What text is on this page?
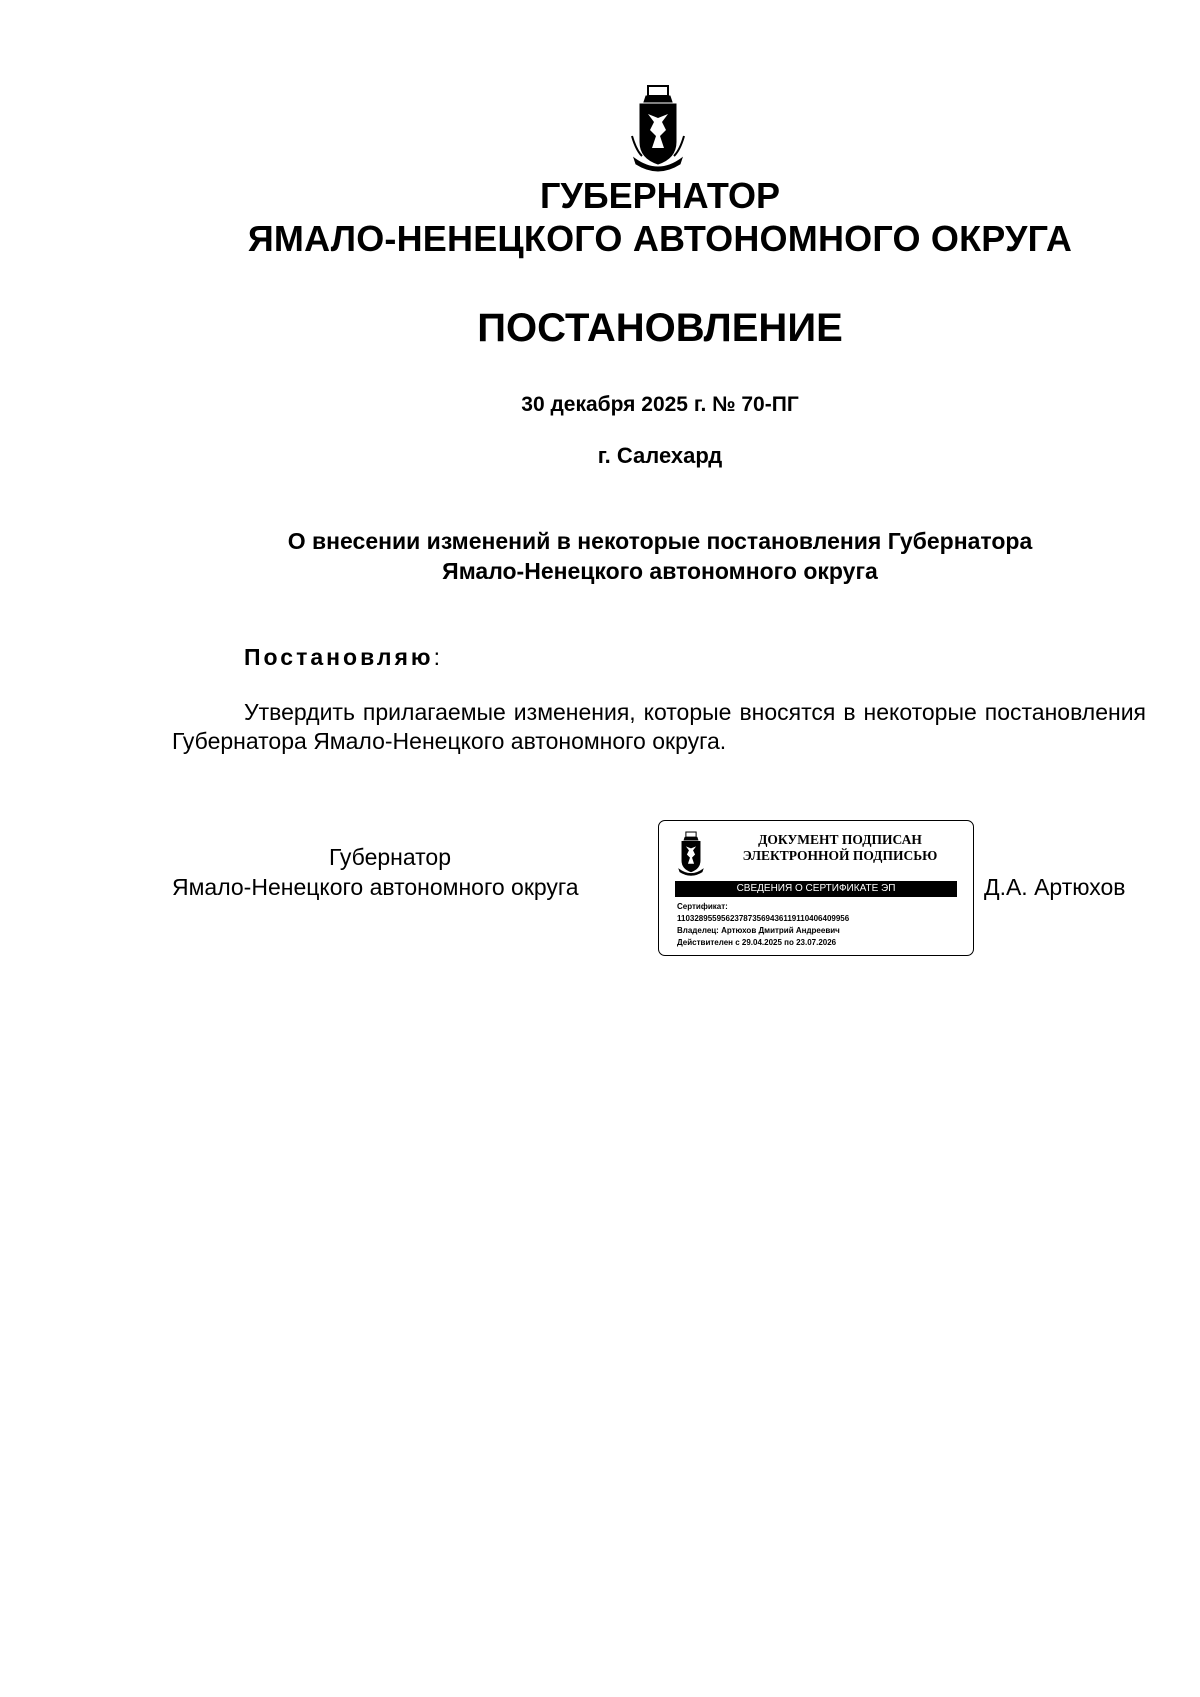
ГУБЕРНАТОР
ЯМАЛО-НЕНЕЦКОГО АВТОНОМНОГО ОКРУГА
ПОСТАНОВЛЕНИЕ
30 декабря 2025 г. № 70-ПГ
г. Салехард
О внесении изменений в некоторые постановления Губернатора
Ямало-Ненецкого автономного округа
Постановляю:
Утвердить прилагаемые изменения, которые вносятся в некоторые постановления Губернатора Ямало-Ненецкого автономного округа.
Губернатор
Ямало-Ненецкого автономного округа
ДОКУМЕНТ ПОДПИСАН
ЭЛЕКТРОННОЙ ПОДПИСЬЮ
СВЕДЕНИЯ О СЕРТИФИКАТЕ ЭП
Сертификат:
110328955956237873569436119110406409956
Владелец: Артюхов Дмитрий Андреевич
Действителен с 29.04.2025 по 23.07.2026
Д.А. Артюхов
